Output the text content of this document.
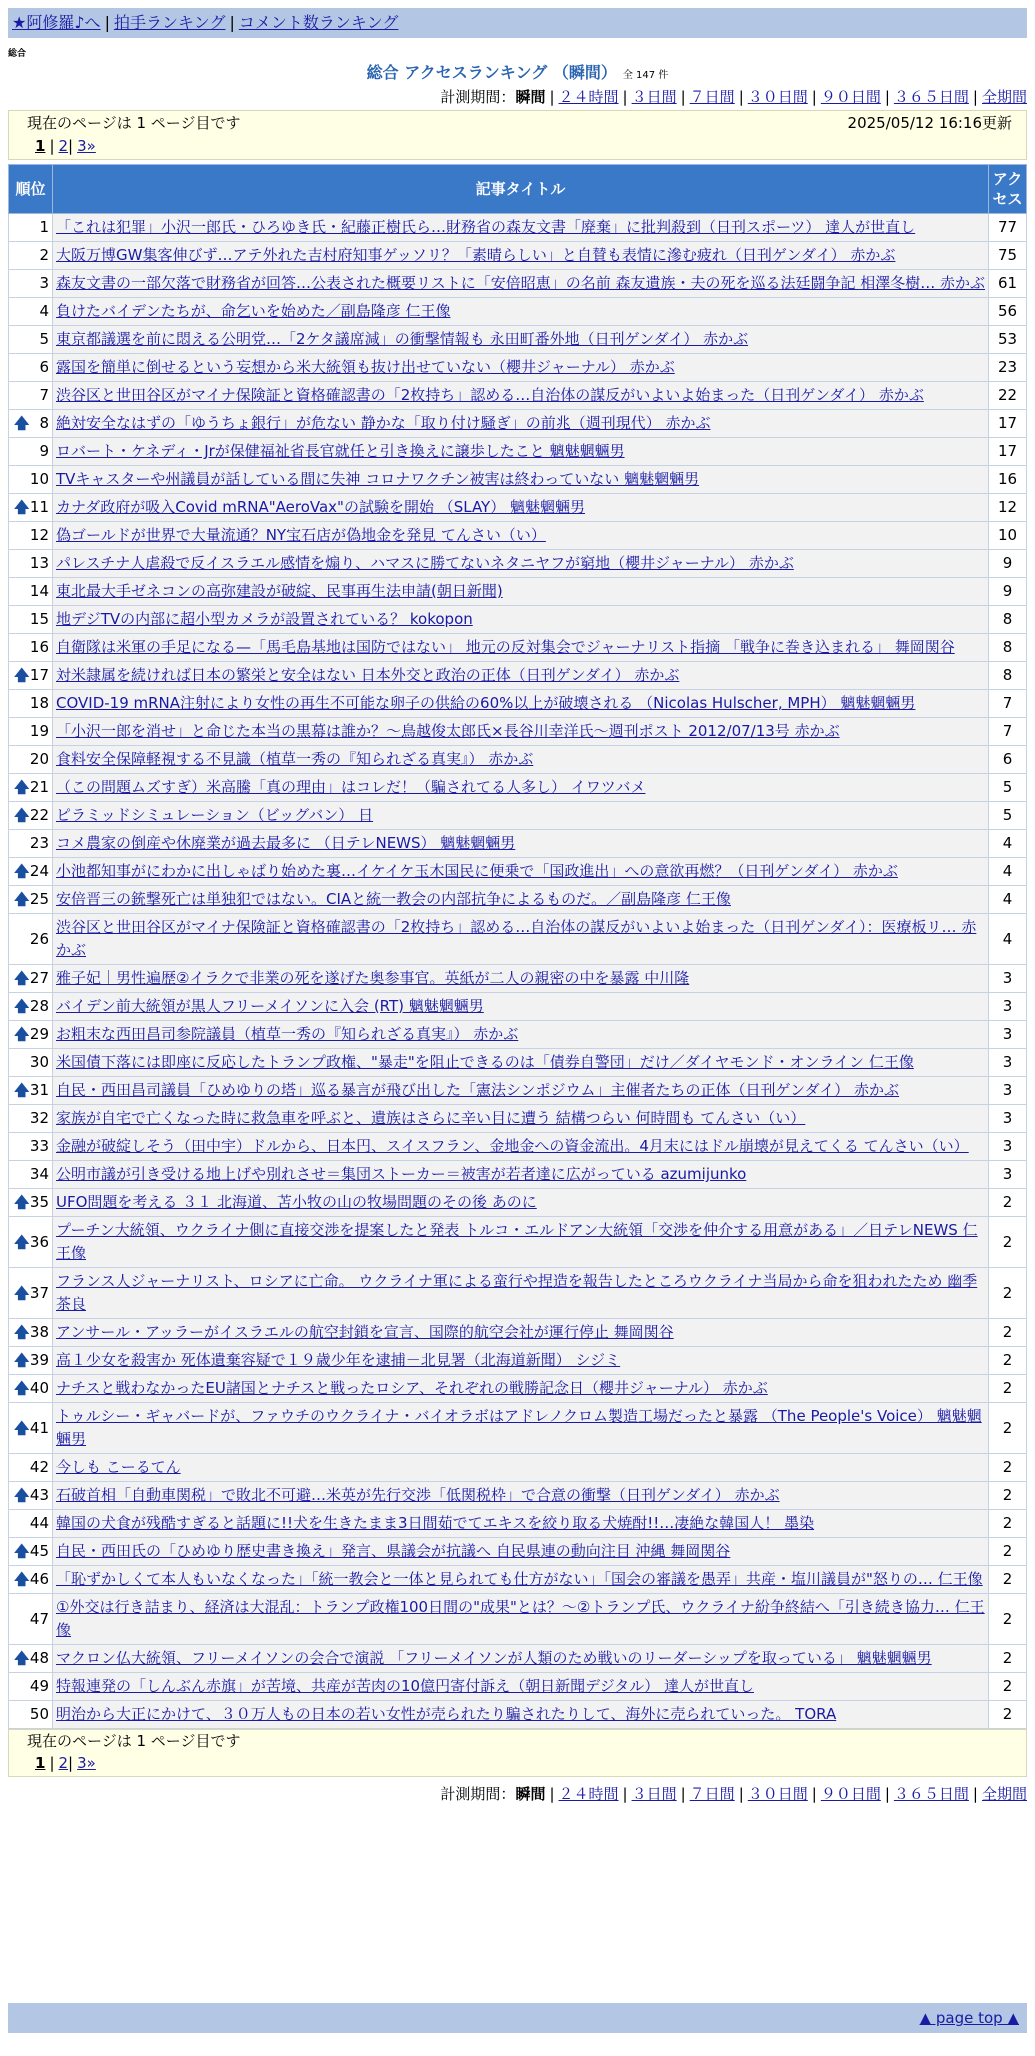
★阿修羅♪へ | 拍手ランキング | コメント数ランキング
総合
総合 アクセスランキング （瞬間） 全 147 件
計測期間：瞬間 | ２４時間 | ３日間 | ７日間 | ３０日間 | ９０日間 | ３６５日間 | 全期間
現在のページは 1 ページ目です	2025/05/12 16:16更新
1 | 2| 3»
順位	記事タイトル	アクセス
1	「これは犯罪」小沢一郎氏・ひろゆき氏・紀藤正樹氏ら…財務省の森友文書「廃棄」に批判殺到（日刊スポーツ） 達人が世直し	77
2	大阪万博GW集客伸びず…アテ外れた吉村府知事ゲッソリ？「素晴らしい」と自賛も表情に滲む疲れ（日刊ゲンダイ） 赤かぶ	75
3	森友文書の一部欠落で財務省が回答…公表された概要リストに「安倍昭恵」の名前 森友遺族・夫の死を巡る法廷闘争記 相澤冬樹… 赤かぶ	61
4	負けたバイデンたちが、命乞いを始めた／副島隆彦 仁王像	56
5	東京都議選を前に悶える公明党…「2ケタ議席減」の衝撃情報も 永田町番外地（日刊ゲンダイ） 赤かぶ	53
6	露国を簡単に倒せるという妄想から米大統領も抜け出せていない（櫻井ジャーナル） 赤かぶ	23
7	渋谷区と世田谷区がマイナ保険証と資格確認書の「2枚持ち」認める…自治体の謀反がいよいよ始まった（日刊ゲンダイ） 赤かぶ	22

🡅 8	絶対安全なはずの「ゆうちょ銀行」が危ない 静かな「取り付け騒ぎ」の前兆（週刊現代） 赤かぶ	17
9	ロバート・ケネディ・Jrが保健福祉省長官就任と引き換えに譲歩したこと 魑魅魍魎男	17
10	TVキャスターや州議員が話している間に失神 コロナワクチン被害は終わっていない 魑魅魍魎男	16

🡅 11	カナダ政府が吸入Covid mRNA"AeroVax"の試験を開始 （SLAY） 魑魅魍魎男	12
12	偽ゴールドが世界で大量流通？NY宝石店が偽地金を発見 てんさい（い）	10
13	パレスチナ人虐殺で反イスラエル感情を煽り、ハマスに勝てないネタニヤフが窮地（櫻井ジャーナル） 赤かぶ	9
14	東北最大手ゼネコンの高弥建設が破綻、民事再生法申請(朝日新聞)	9
15	地デジTVの内部に超小型カメラが設置されている？ kokopon	8
16	自衛隊は米軍の手足になる—「馬毛島基地は国防ではない」 地元の反対集会でジャーナリスト指摘 「戦争に巻き込まれる」 舞岡関谷	8

🡅 17	対米隷属を続ければ日本の繁栄と安全はない 日本外交と政治の正体（日刊ゲンダイ） 赤かぶ	8
18	COVID-19 mRNA注射により女性の再生不可能な卵子の供給の60%以上が破壊される （Nicolas Hulscher, MPH） 魑魅魍魎男	7
19	「小沢一郎を消せ」と命じた本当の黒幕は誰か？～鳥越俊太郎氏×長谷川幸洋氏～週刊ポスト 2012/07/13号 赤かぶ	7
20	食料安全保障軽視する不見識（植草一秀の『知られざる真実』） 赤かぶ	6

🡅 21	（この問題ムズすぎ）米高騰「真の理由」はコレだ！（騙されてる人多し） イワツバメ	5

🡅 22	ピラミッドシミュレーション（ビッグバン） 日	5
23	コメ農家の倒産や休廃業が過去最多に （日テレNEWS） 魑魅魍魎男	4

🡅 24	小池都知事がにわかに出しゃばり始めた裏…イケイケ玉木国民に便乗で「国政進出」への意欲再燃？（日刊ゲンダイ） 赤かぶ	4

🡅 25	安倍晋三の銃撃死亡は単独犯ではない。CIAと統一教会の内部抗争によるものだ。／副島隆彦 仁王像	4
26	渋谷区と世田谷区がマイナ保険証と資格確認書の「2枚持ち」認める…自治体の謀反がいよいよ始まった（日刊ゲンダイ）：医療板リ… 赤かぶ	4

🡅 27	雅子妃｜男性遍歴②イラクで非業の死を遂げた奥参事官。英紙が二人の親密の中を暴露 中川隆	3

🡅 28	バイデン前大統領が黒人フリーメイソンに入会 (RT) 魑魅魍魎男	3

🡅 29	お粗末な西田昌司参院議員（植草一秀の『知られざる真実』） 赤かぶ	3
30	米国債下落には即座に反応したトランプ政権、"暴走"を阻止できるのは「債券自警団」だけ／ダイヤモンド・オンライン 仁王像	3

🡅 31	自民・西田昌司議員「ひめゆりの塔」巡る暴言が飛び出した「憲法シンポジウム」主催者たちの正体（日刊ゲンダイ） 赤かぶ	3
32	家族が自宅で亡くなった時に救急車を呼ぶと、遺族はさらに辛い目に遭う 結構つらい 何時間も てんさい（い）	3
33	金融が破綻しそう（田中宇）ドルから、日本円、スイスフラン、金地金への資金流出。4月末にはドル崩壊が見えてくる てんさい（い）	3
34	公明市議が引き受ける地上げや別れさせ＝集団ストーカー＝被害が若者達に広がっている azumijunko	3

🡅 35	UFO問題を考える ３１ 北海道、苫小牧の山の牧場問題のその後 あのに	2

🡅 36	プーチン大統領、ウクライナ側に直接交渉を提案したと発表 トルコ・エルドアン大統領「交渉を仲介する用意がある」／日テレNEWS 仁王像	2

🡅 37	フランス人ジャーナリスト、ロシアに亡命。 ウクライナ軍による蛮行や捏造を報告したところウクライナ当局から命を狙われたため 幽季 茶良	2

🡅 38	アンサール・アッラーがイスラエルの航空封鎖を宣言、国際的航空会社が運行停止 舞岡関谷	2

🡅 39	高１少女を殺害か 死体遺棄容疑で１９歳少年を逮捕－北見署（北海道新聞） シジミ	2

🡅 40	ナチスと戦わなかったEU諸国とナチスと戦ったロシア、それぞれの戦勝記念日（櫻井ジャーナル） 赤かぶ	2

🡅 41	トゥルシー・ギャバードが、ファウチのウクライナ・バイオラボはアドレノクロム製造工場だったと暴露 （The People's Voice） 魑魅魍魎男	2
42	今しも こーるてん	2

🡅 43	石破首相「自動車関税」で敗北不可避…米英が先行交渉「低関税枠」で合意の衝撃（日刊ゲンダイ） 赤かぶ	2
44	韓国の犬食が残酷すぎると話題に!!犬を生きたまま3日間茹でてエキスを絞り取る犬焼酎!!…凄絶な韓国人！ 墨染	2

🡅 45	自民・西田氏の「ひめゆり歴史書き換え」発言、県議会が抗議へ 自民県連の動向注目 沖縄 舞岡関谷	2

🡅 46	「恥ずかしくて本人もいなくなった」「統一教会と一体と見られても仕方がない」「国会の審議を愚弄」共産・塩川議員が"怒りの… 仁王像	2
47	①外交は行き詰まり、経済は大混乱：トランプ政権100日間の"成果"とは？～②トランプ氏、ウクライナ紛争終結へ「引き続き協力… 仁王像	2

🡅 48	マクロン仏大統領、フリーメイソンの会合で演説 「フリーメイソンが人類のため戦いのリーダーシップを取っている」 魑魅魍魎男	2
49	特報連発の「しんぶん赤旗」が苦境、共産が苦肉の10億円寄付訴え（朝日新聞デジタル） 達人が世直し	2
50	明治から大正にかけて、３０万人もの日本の若い女性が売られたり騙されたりして、海外に売られていった。 TORA	2
現在のページは 1 ページ目です
1 | 2| 3»
計測期間：瞬間 | ２４時間 | ３日間 | ７日間 | ３０日間 | ９０日間 | ３６５日間 | 全期間
▲ page top ▲
